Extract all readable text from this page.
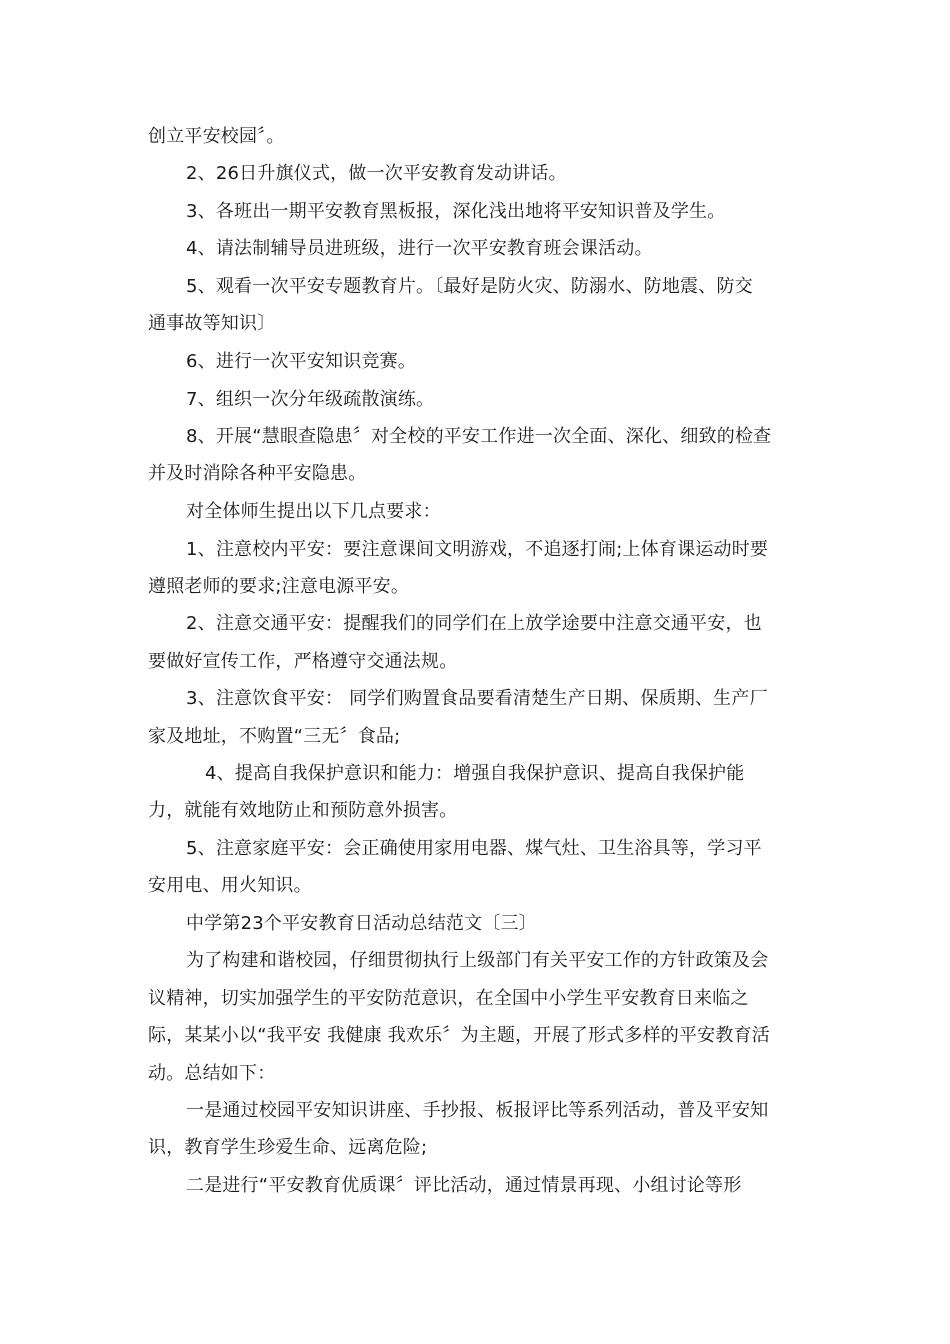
创立平安校园〞。
2、26日升旗仪式，做一次平安教育发动讲话。
3、各班出一期平安教育黑板报，深化浅出地将平安知识普及学生。
4、请法制辅导员进班级，进行一次平安教育班会课活动。
5、观看一次平安专题教育片。〔最好是防火灾、防溺水、防地震、防交
通事故等知识〕
6、进行一次平安知识竞赛。
7、组织一次分年级疏散演练。
8、开展“慧眼查隐患〞对全校的平安工作进一次全面、深化、细致的检查
并及时消除各种平安隐患。
对全体师生提出以下几点要求：
1、注意校内平安：要注意课间文明游戏，不追逐打闹;上体育课运动时要
遵照老师的要求;注意电源平安。
2、注意交通平安：提醒我们的同学们在上放学途要中注意交通平安，也
要做好宣传工作，严格遵守交通法规。
3、注意饮食平安： 同学们购置食品要看清楚生产日期、保质期、生产厂
家及地址，不购置“三无〞食品;
4、提高自我保护意识和能力：增强自我保护意识、提高自我保护能
力，就能有效地防止和预防意外损害。
5、注意家庭平安：会正确使用家用电器、煤气灶、卫生浴具等，学习平
安用电、用火知识。
中学第23个平安教育日活动总结范文〔三〕
为了构建和谐校园，仔细贯彻执行上级部门有关平安工作的方针政策及会
议精神，切实加强学生的平安防范意识，在全国中小学生平安教育日来临之
际，某某小以“我平安 我健康 我欢乐〞为主题，开展了形式多样的平安教育活
动。总结如下：
一是通过校园平安知识讲座、手抄报、板报评比等系列活动，普及平安知
识，教育学生珍爱生命、远离危险;
二是进行“平安教育优质课〞评比活动，通过情景再现、小组讨论等形
